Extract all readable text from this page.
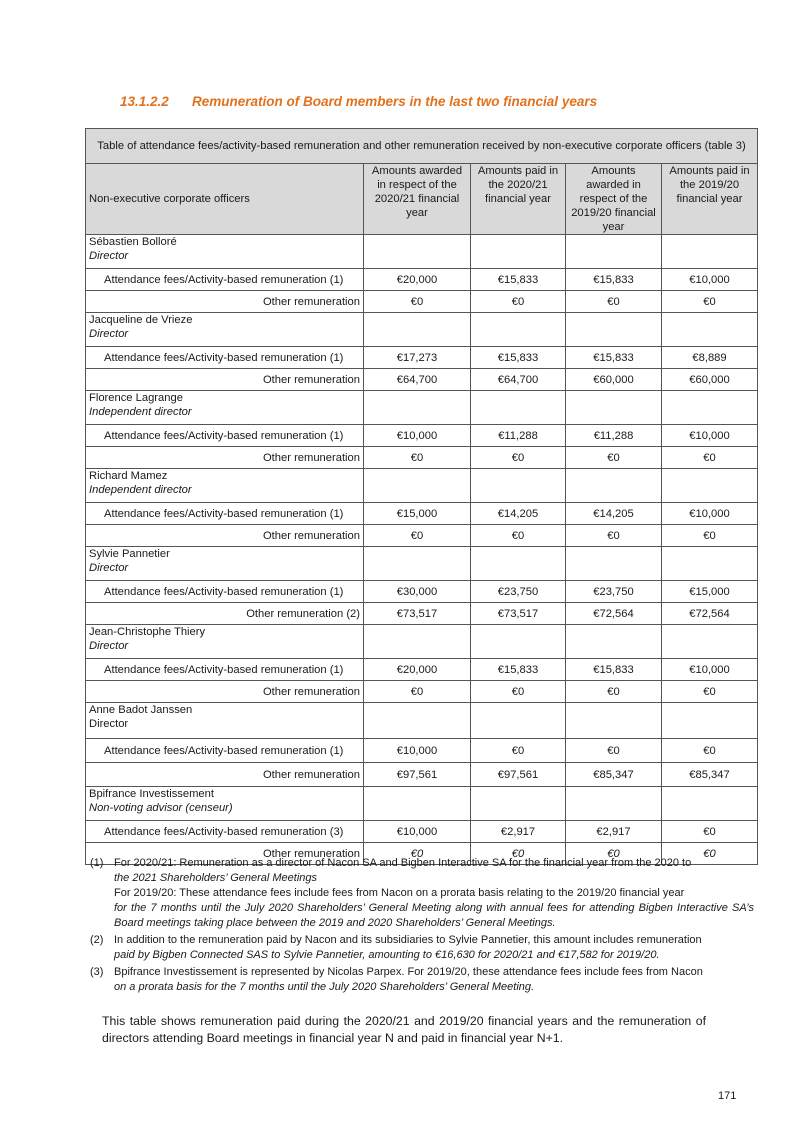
13.1.2.2 Remuneration of Board members in the last two financial years
Table of attendance fees/activity-based remuneration and other remuneration received by non-executive corporate officers (table 3)				
Non-executive corporate officers	Amounts awarded in respect of the 2020/21 financial year	Amounts paid in the 2020/21 financial year	Amounts awarded in respect of the 2019/20 financial year	Amounts paid in the 2019/20 financial year

Sébastien Bolloré
Director				

Attendance fees/Activity-based remuneration (1)	€20,000	€15,833	€15,833	€10,000
Other remuneration	€0	€0	€0	€0

Jacqueline de Vrieze
Director				

Attendance fees/Activity-based remuneration (1)	€17,273	€15,833	€15,833	€8,889
Other remuneration	€64,700	€64,700	€60,000	€60,000

Florence Lagrange
Independent director				

Attendance fees/Activity-based remuneration (1)	€10,000	€11,288	€11,288	€10,000
Other remuneration	€0	€0	€0	€0

Richard Mamez
Independent director				

Attendance fees/Activity-based remuneration (1)	€15,000	€14,205	€14,205	€10,000
Other remuneration	€0	€0	€0	€0

Sylvie Pannetier
Director				

Attendance fees/Activity-based remuneration (1)	€30,000	€23,750	€23,750	€15,000
Other remuneration (2)	€73,517	€73,517	€72,564	€72,564

Jean-Christophe Thiery
Director				

Attendance fees/Activity-based remuneration (1)	€20,000	€15,833	€15,833	€10,000
Other remuneration	€0	€0	€0	€0

Anne Badot Janssen
Director				

Attendance fees/Activity-based remuneration (1)	€10,000	€0	€0	€0
Other remuneration	€97,561	€97,561	€85,347	€85,347

Bpifrance Investissement
Non-voting advisor (censeur)				

Attendance fees/Activity-based remuneration (3)	€10,000	€2,917	€2,917	€0
Other remuneration	€0	€0	€0	€0
(1) For 2020/21: Remuneration as a director of Nacon SA and Bigben Interactive SA for the financial year from the 2020 to

the 2021 Shareholders’ General Meetings

For 2019/20: These attendance fees include fees from Nacon on a prorata basis relating to the 2019/20 financial year

for the 7 months until the July 2020 Shareholders’ General Meeting along with annual fees for attending Bigben Interactive SA’s Board meetings taking place between the 2019 and 2020 Shareholders’ General Meetings.

(2) In addition to the remuneration paid by Nacon and its subsidiaries to Sylvie Pannetier, this amount includes remuneration

paid by Bigben Connected SAS to Sylvie Pannetier, amounting to €16,630 for 2020/21 and €17,582 for 2019/20.

(3) Bpifrance Investissement is represented by Nicolas Parpex. For 2019/20, these attendance fees include fees from Nacon

on a prorata basis for the 7 months until the July 2020 Shareholders’ General Meeting.

This table shows remuneration paid during the 2020/21 and 2019/20 financial years and the remuneration of directors attending Board meetings in financial year N and paid in financial year N+1.

171
